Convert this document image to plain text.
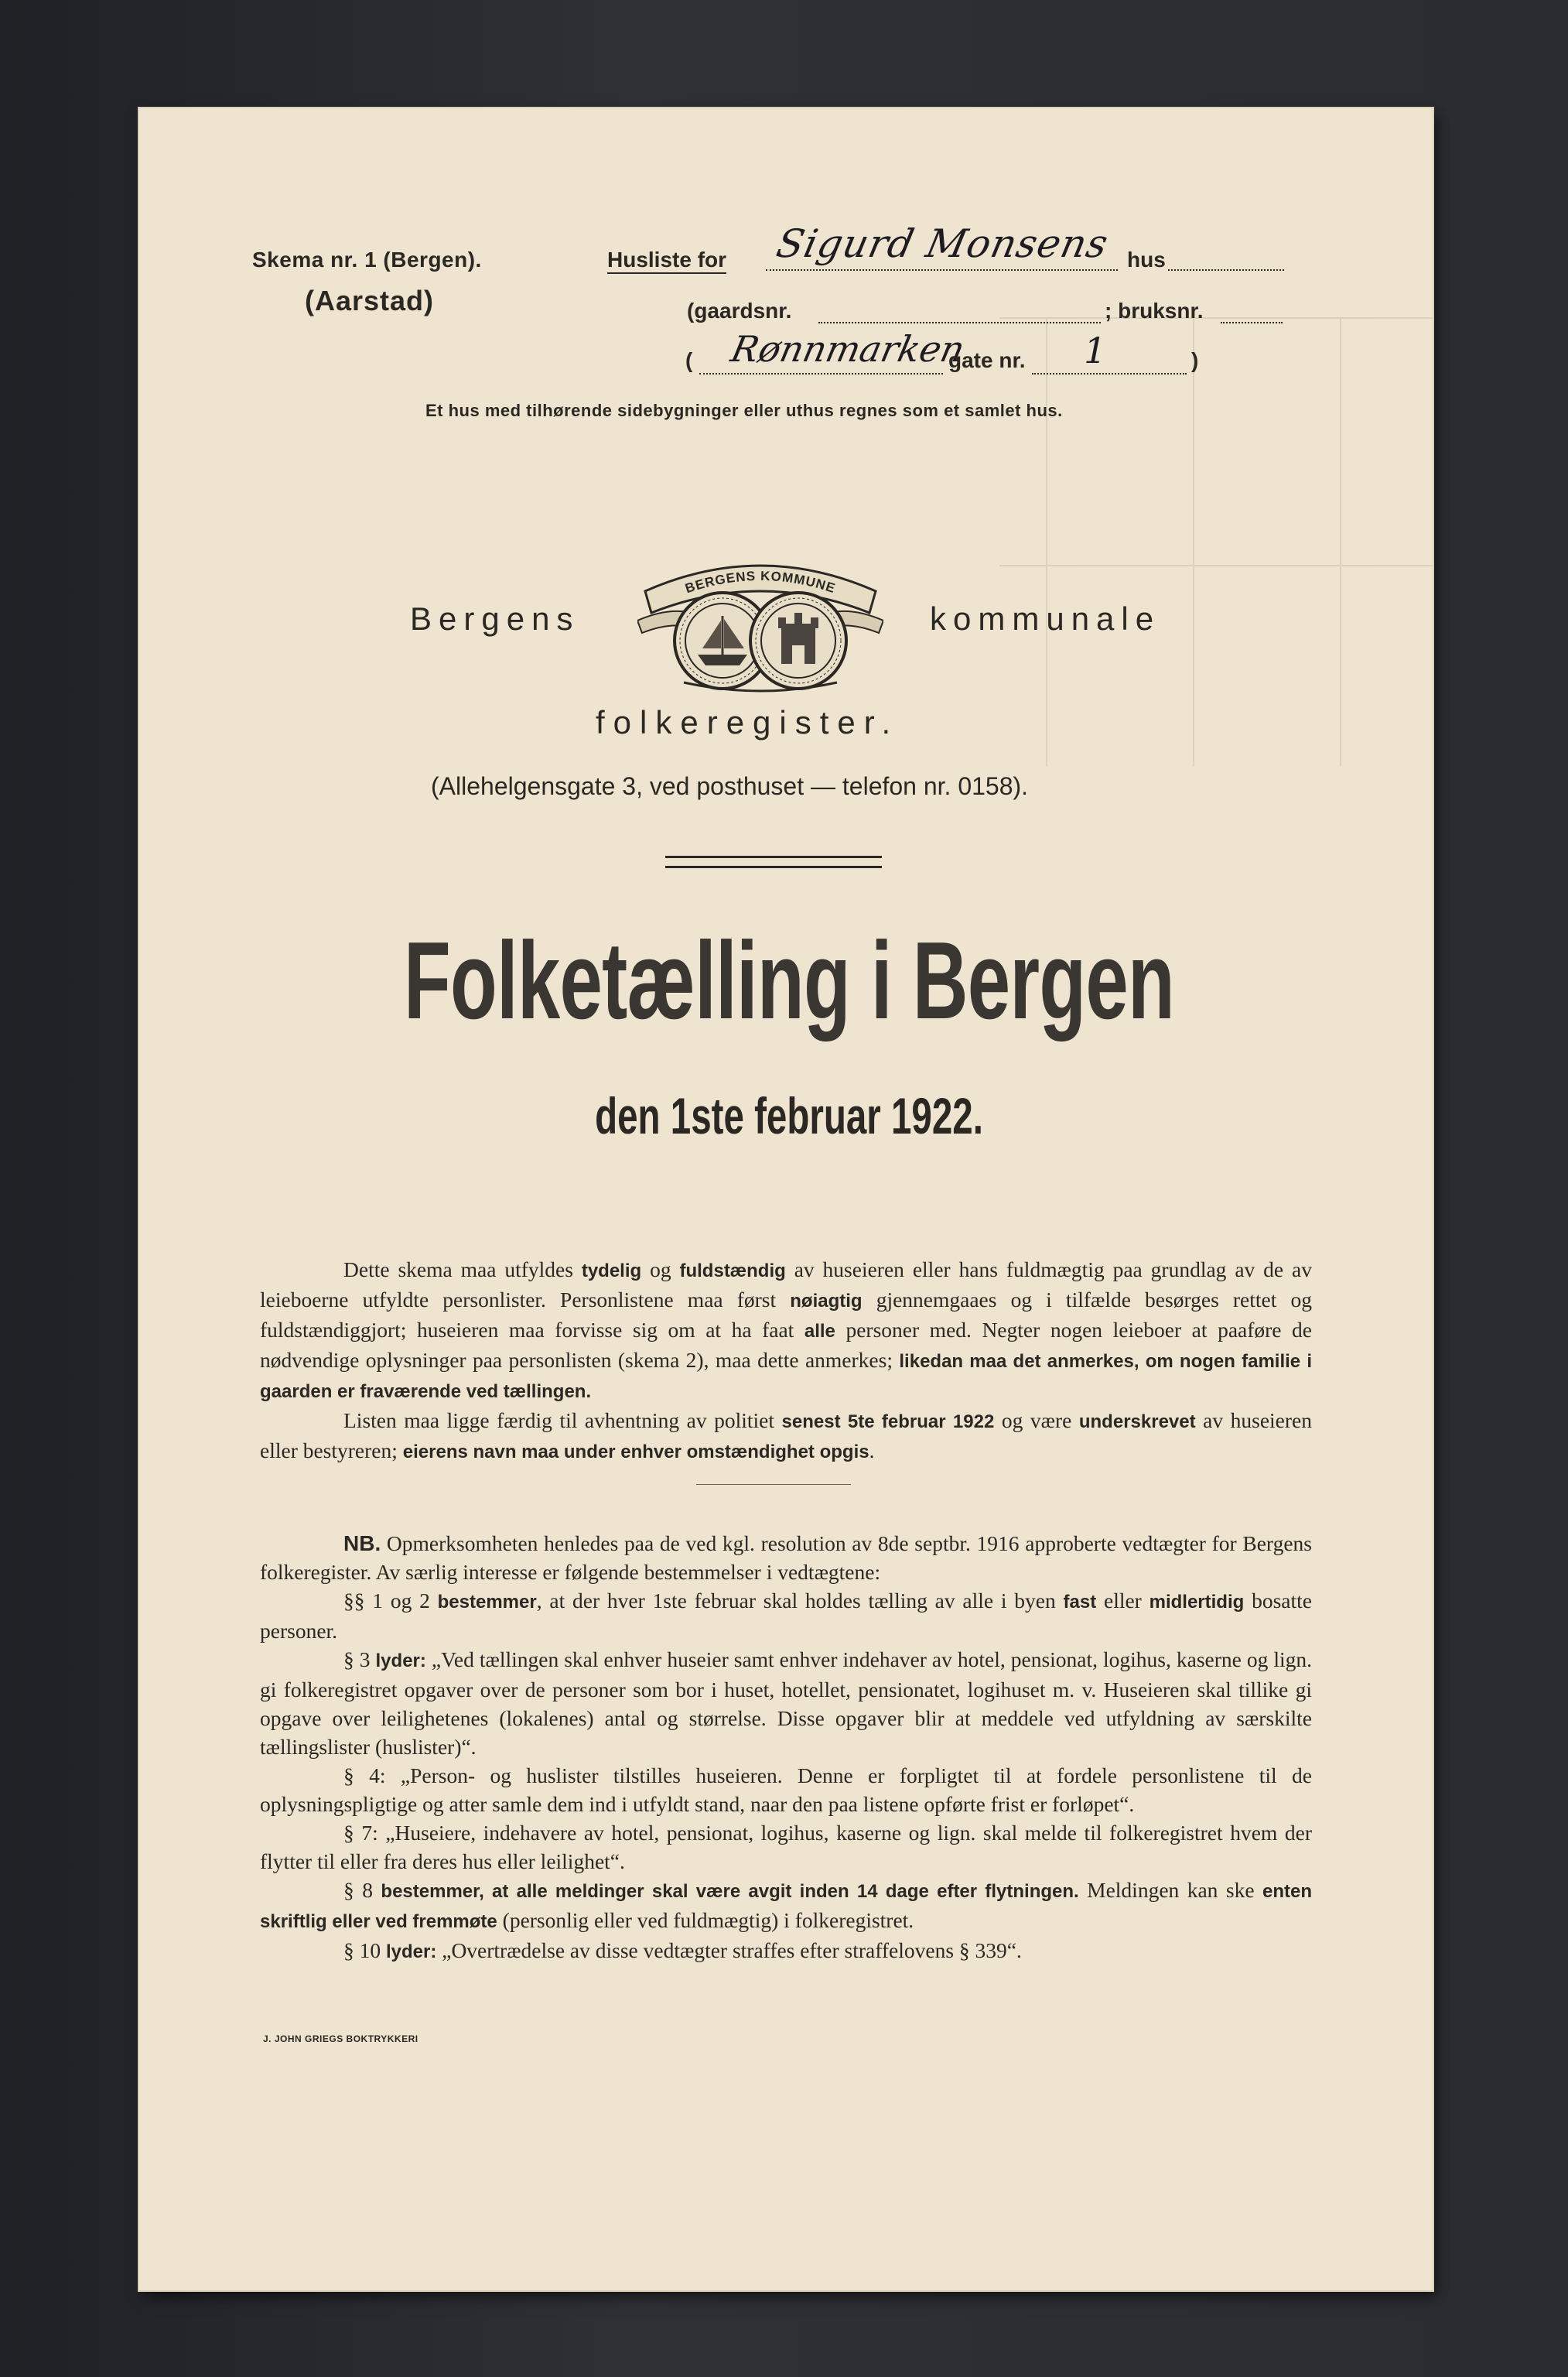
Skema nr. 1 (Bergen).
(Aarstad)
Husliste for Sigurd Monsens hus
(gaardsnr.	; bruksnr.
( Rønnmarken
gate nr. 1	)
Et hus med tilhørende sidebygninger eller uthus regnes som et samlet hus.
Bergens	kommunale
BERGENS KOMMUNE
folkeregister.
(Allehelgensgate 3, ved posthuset — telefon nr. 0158).
Folketælling i Bergen
den 1ste februar 1922.

Dette skema maa utfyldes tydelig og fuldstændig av huseieren eller hans fuldmægtig paa grundlag av de av leieboerne utfyldte personlister. Personlistene maa først nøiagtig gjennemgaaes og i tilfælde besørges rettet og fuldstændiggjort; huseieren maa forvisse sig om at ha faat alle personer med. Negter nogen leieboer at paaføre de nødvendige oplysninger paa personlisten (skema 2), maa dette anmerkes; likedan maa det anmerkes, om nogen familie i gaarden er fraværende ved tællingen.

Listen maa ligge færdig til avhentning av politiet senest 5te februar 1922 og være underskrevet av huseieren eller bestyreren; eierens navn maa under enhver omstændighet opgis.

NB. Opmerksomheten henledes paa de ved kgl. resolution av 8de septbr. 1916 approberte vedtægter for Bergens folkeregister. Av særlig interesse er følgende bestemmelser i vedtægtene:

§§ 1 og 2 bestemmer, at der hver 1ste februar skal holdes tælling av alle i byen fast eller midlertidig bosatte personer.

§ 3 lyder: „Ved tællingen skal enhver huseier samt enhver indehaver av hotel, pensionat, logihus, kaserne og lign. gi folkeregistret opgaver over de personer som bor i huset, hotellet, pensionatet, logihuset m. v. Huseieren skal tillike gi opgave over leilighetenes (lokalenes) antal og størrelse. Disse opgaver blir at meddele ved utfyldning av særskilte tællingslister (huslister)“.

§ 4: „Person- og huslister tilstilles huseieren. Denne er forpligtet til at fordele personlistene til de oplysningspligtige og atter samle dem ind i utfyldt stand, naar den paa listene opførte frist er forløpet“.

§ 7: „Huseiere, indehavere av hotel, pensionat, logihus, kaserne og lign. skal melde til folkeregistret hvem der flytter til eller fra deres hus eller leilighet“.

§ 8 bestemmer, at alle meldinger skal være avgit inden 14 dage efter flytningen. Meldingen kan ske enten skriftlig eller ved fremmøte (personlig eller ved fuldmægtig) i folkeregistret.

§ 10 lyder: „Overtrædelse av disse vedtægter straffes efter straffelovens § 339“.

J. JOHN GRIEGS BOKTRYKKERI
